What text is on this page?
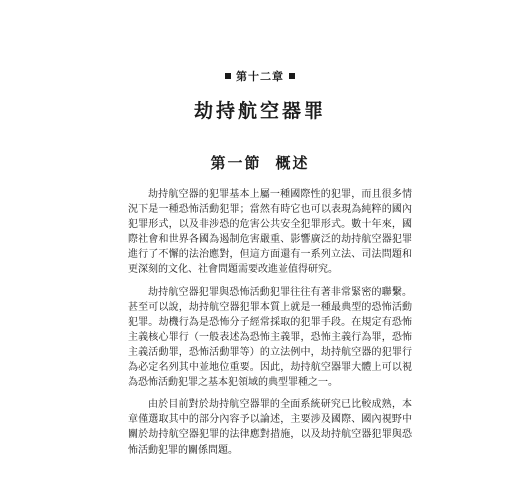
第十二章
劫持航空器罪
第一節 概述

劫持航空器的犯罪基本上屬一種國際性的犯罪，而且很多情況下是一種恐怖活動犯罪；當然有時它也可以表現為純粹的國內犯罪形式，以及非涉恐的危害公共安全犯罪形式。數十年來，國際社會和世界各國為遏制危害嚴重、影響廣泛的劫持航空器犯罪進行了不懈的法治應對，但這方面還有一系列立法、司法問題和更深刻的文化、社會問題需要改進並值得研究。

劫持航空器犯罪與恐怖活動犯罪往往有著非常緊密的聯繫。甚至可以說，劫持航空器犯罪本質上就是一種最典型的恐怖活動犯罪。劫機行為是恐怖分子經常採取的犯罪手段。在規定有恐怖主義核心罪行（一般表述為恐怖主義罪，恐怖主義行為罪，恐怖主義活動罪，恐怖活動罪等）的立法例中，劫持航空器的犯罪行為必定名列其中並地位重要。因此，劫持航空器罪大體上可以視為恐怖活動犯罪之基本犯領域的典型罪種之一。

由於目前對於劫持航空器罪的全面系統研究已比較成熟，本章僅選取其中的部分內容予以論述，主要涉及國際、國內視野中關於劫持航空器犯罪的法律應對措施，以及劫持航空器犯罪與恐怖活動犯罪的關係問題。
